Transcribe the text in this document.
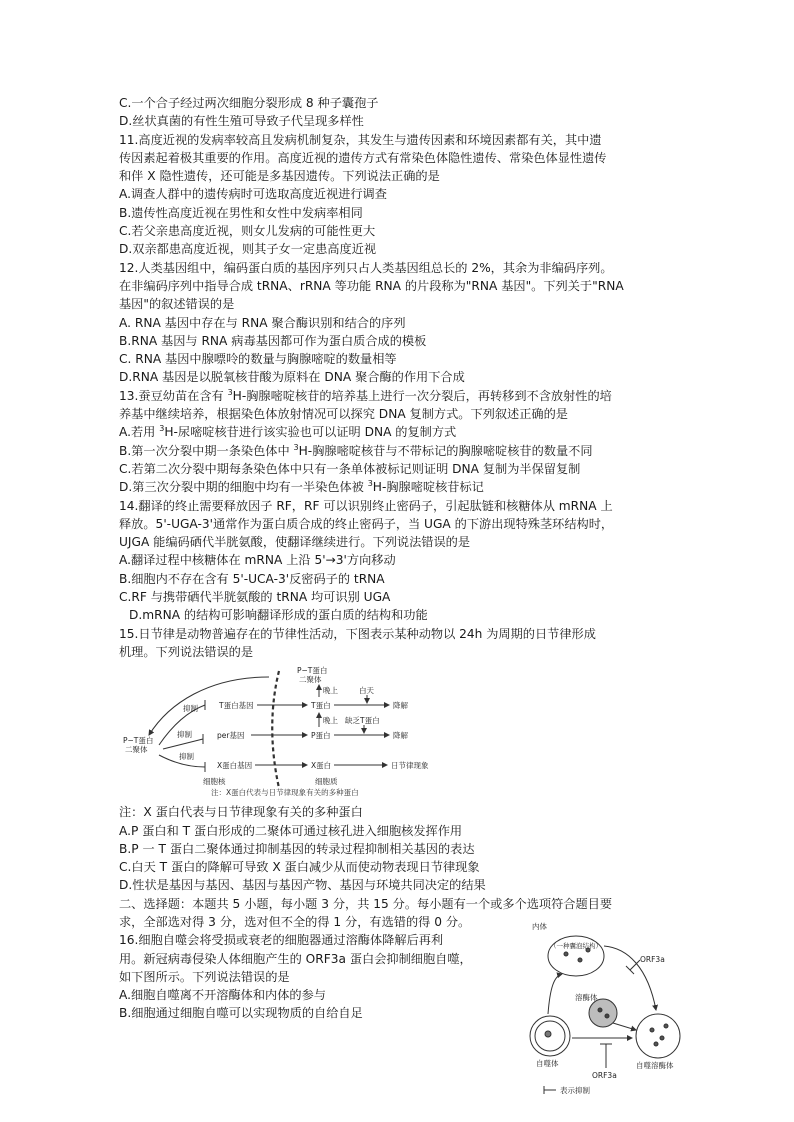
C.一个合子经过两次细胞分裂形成 8 种子囊孢子
D.丝状真菌的有性生殖可导致子代呈现多样性
11.高度近视的发病率较高且发病机制复杂，其发生与遗传因素和环境因素都有关，其中遗
传因素起着极其重要的作用。高度近视的遗传方式有常染色体隐性遗传、常染色体显性遗传
和伴 X 隐性遗传，还可能是多基因遗传。下列说法正确的是
A.调查人群中的遗传病时可选取高度近视进行调查
B.遗传性高度近视在男性和女性中发病率相同
C.若父亲患高度近视，则女儿发病的可能性更大
D.双亲都患高度近视，则其子女一定患高度近视
12.人类基因组中，编码蛋白质的基因序列只占人类基因组总长的 2%，其余为非编码序列。
在非编码序列中指导合成 tRNA、rRNA 等功能 RNA 的片段称为"RNA 基因"。下列关于"RNA
基因"的叙述错误的是
A. RNA 基因中存在与 RNA 聚合酶识别和结合的序列
B.RNA 基因与 RNA 病毒基因都可作为蛋白质合成的模板
C. RNA 基因中腺嘌呤的数量与胸腺嘧啶的数量相等
D.RNA 基因是以脱氧核苷酸为原料在 DNA 聚合酶的作用下合成
13.蚕豆幼苗在含有 $^3$H-胸腺嘧啶核苷的培养基上进行一次分裂后，再转移到不含放射性的培
养基中继续培养，根据染色体放射情况可以探究 DNA 复制方式。下列叙述正确的是
A.若用 $^3$H-尿嘧啶核苷进行该实验也可以证明 DNA 的复制方式
B.第一次分裂中期一条染色体中 $^3$H-胸腺嘧啶核苷与不带标记的胸腺嘧啶核苷的数量不同
C.若第二次分裂中期每条染色体中只有一条单体被标记则证明 DNA 复制为半保留复制
D.第三次分裂中期的细胞中均有一半染色体被 $^3$H-胸腺嘧啶核苷标记
14.翻译的终止需要释放因子 RF，RF 可以识别终止密码子，引起肽链和核糖体从 mRNA 上
释放。5'-UGA-3'通常作为蛋白质合成的终止密码子，当 UGA 的下游出现特殊茎环结构时，
UJGA 能编码硒代半胱氨酸，使翻译继续进行。下列说法错误的是
A.翻译过程中核糖体在 mRNA 上沿 5'→3'方向移动
B.细胞内不存在含有 5'-UCA-3'反密码子的 tRNA
C.RF 与携带硒代半胱氨酸的 tRNA 均可识别 UGA
D.mRNA 的结构可影响翻译形成的蛋白质的结构和功能
15.日节律是动物普遍存在的节律性活动，下图表示某种动物以 24h 为周期的日节律形成
机理。下列说法错误的是
P−T蛋白
二聚体
T蛋白基因
per基因
X蛋白基因
T蛋白
P蛋白
X蛋白
P−T蛋白
二聚体
抑制
抑制
抑制
晚上
晚上
白天
缺乏T蛋白
降解
降解
日节律现象
细胞核	细胞质
注：X蛋白代表与日节律现象有关的多种蛋白
注：X 蛋白代表与日节律现象有关的多种蛋白
A.P 蛋白和 T 蛋白形成的二聚体可通过核孔进入细胞核发挥作用
B.P 一 T 蛋白二聚体通过抑制基因的转录过程抑制相关基因的表达
C.白天 T 蛋白的降解可导致 X 蛋白减少从而使动物表现日节律现象
D.性状是基因与基因、基因与基因产物、基因与环境共同决定的结果
二、选择题：本题共 5 小题，每小题 3 分，共 15 分。每小题有一个或多个选项符合题目要
求，全部选对得 3 分，选对但不全的得 1 分，有选错的得 0 分。
16.细胞自噬会将受损或衰老的细胞器通过溶酶体降解后再利
用。新冠病毒侵染人体细胞产生的 ORF3a 蛋白会抑制细胞自噬，
如下图所示。下列说法错误的是
A.细胞自噬离不开溶酶体和内体的参与
B.细胞通过细胞自噬可以实现物质的自给自足
内体
（一种囊泡结构）
ORF3a
溶酶体
自噬体	自噬溶酶体
ORF3a
表示抑制
